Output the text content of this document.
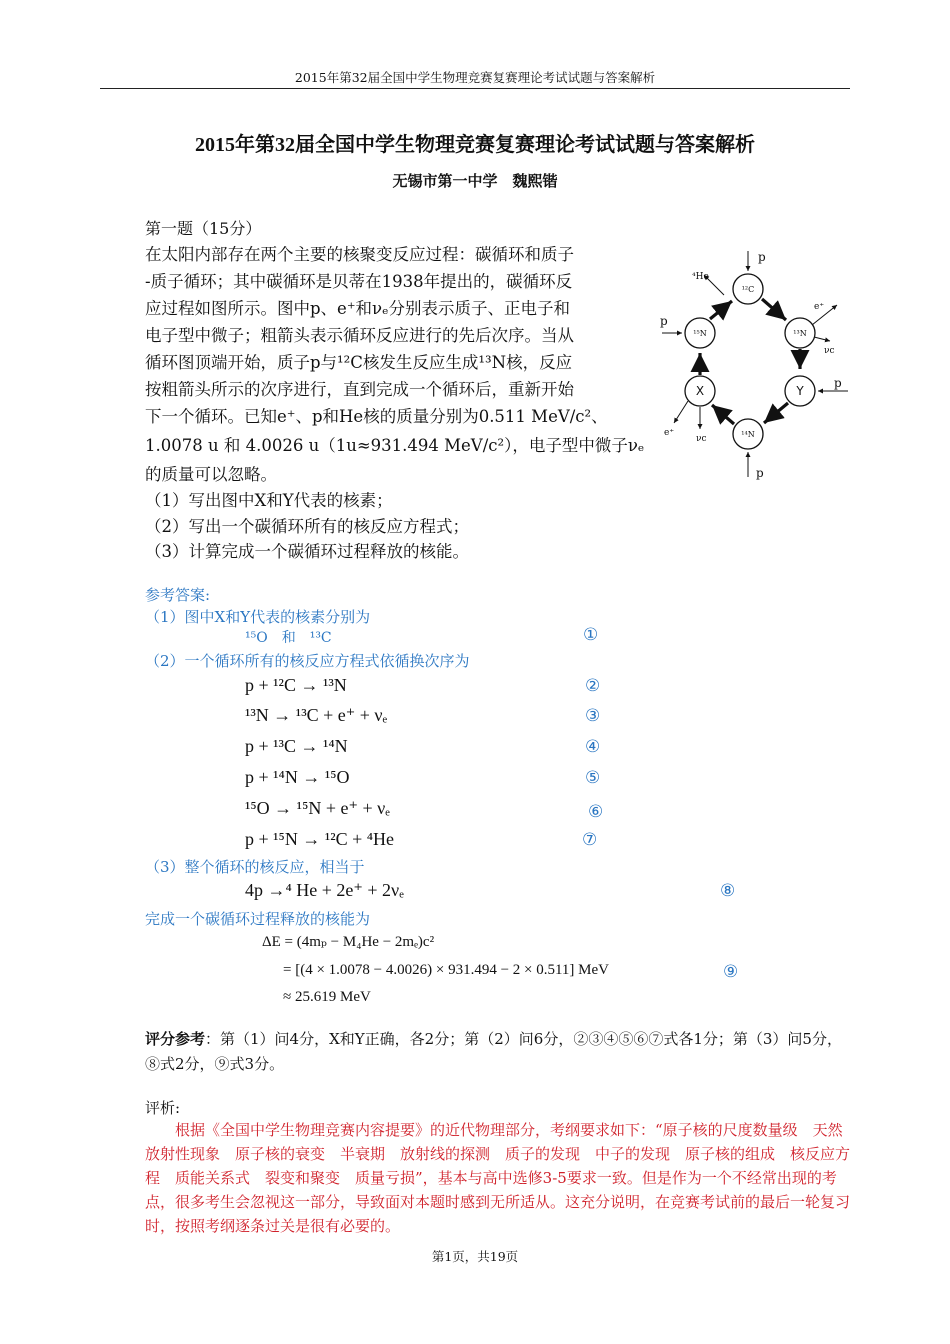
2015年第32届全国中学生物理竞赛复赛理论考试试题与答案解析
2015年第32届全国中学生物理竞赛复赛理论考试试题与答案解析
无锡市第一中学　魏熙锴
第一题（15分）
在太阳内部存在两个主要的核聚变反应过程：碳循环和质子
-质子循环；其中碳循环是贝蒂在1938年提出的，碳循环反
应过程如图所示。图中p、e⁺和νₑ分别表示质子、正电子和
电子型中微子；粗箭头表示循环反应进行的先后次序。当从
循环图顶端开始，质子p与¹²C核发生反应生成¹³N核，反应
按粗箭头所示的次序进行，直到完成一个循环后，重新开始
下一个循环。已知e⁺、p和He核的质量分别为0.511 MeV/c²、
1.0078 u 和 4.0026 u（1u≈931.494 MeV/c²），电子型中微子νₑ
的质量可以忽略。
（1）写出图中X和Y代表的核素；
（2）写出一个碳循环所有的核反应方程式；
（3）计算完成一个碳循环过程释放的核能。
¹²C
¹⁵N	¹³N
¹⁴N
X	Y
p
p
p
p
⁴He
e⁺
νc
e⁺
νc
参考答案:
（1）图中X和Y代表的核素分别为
¹⁵O　和　¹³C	①
（2）一个循环所有的核反应方程式依循换次序为
p + ¹²C → ¹³N	②
¹³N → ¹³C + e⁺ + νₑ	③
p + ¹³C → ¹⁴N	④
p + ¹⁴N → ¹⁵O	⑤
¹⁵O → ¹⁵N + e⁺ + νₑ	⑥
p + ¹⁵N → ¹²C + ⁴He	⑦
（3）整个循环的核反应，相当于
4p →⁴ He + 2e⁺ + 2νₑ	⑧
完成一个碳循环过程释放的核能为
ΔE = (4mₚ − M₄He − 2mₑ)c²
= [(4 × 1.0078 − 4.0026) × 931.494 − 2 × 0.511] MeV	⑨
≈ 25.619 MeV
评分参考：第（1）问4分，X和Y正确，各2分；第（2）问6分，②③④⑤⑥⑦式各1分；第（3）问5分，⑧式2分，⑨式3分。
评析:
根据《全国中学生物理竞赛内容提要》的近代物理部分，考纲要求如下：“原子核的尺度数量级　天然放射性现象　原子核的衰变　半衰期　放射线的探测　质子的发现　中子的发现　原子核的组成　核反应方程　质能关系式　裂变和聚变　质量亏损”，基本与高中选修3-5要求一致。但是作为一个不经常出现的考点，很多考生会忽视这一部分，导致面对本题时感到无所适从。这充分说明，在竞赛考试前的最后一轮复习时，按照考纲逐条过关是很有必要的。
第1页，共19页
